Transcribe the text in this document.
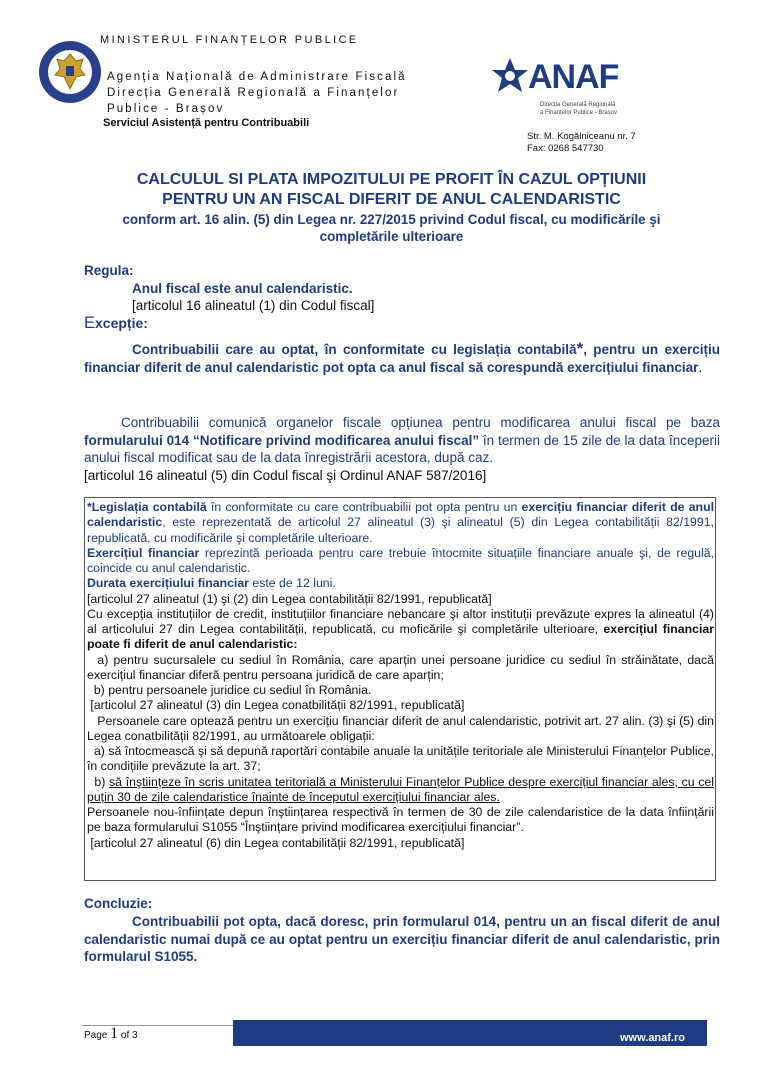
MINISTERUL FINANȚELOR PUBLICE
Agenția Națională de Administrare Fiscală
Direcția Generală Regională a Finanțelor
Publice - Brașov
Serviciul Asistență pentru Contribuabili
ANAF
Direcția Generală Regională
a Finanțelor Publice - Brașov
Str. M. Kogălniceanu nr. 7
Fax: 0268 547730
CALCULUL SI PLATA IMPOZITULUI PE PROFIT ÎN CAZUL OPȚIUNII
PENTRU UN AN FISCAL DIFERIT DE ANUL CALENDARISTIC
conform art. 16 alin. (5) din Legea nr. 227/2015 privind Codul fiscal, cu modificările şi completările ulterioare
Regula:
Anul fiscal este anul calendaristic.
[articolul 16 alineatul (1) din Codul fiscal]
Excepție:
Contribuabilii care au optat, în conformitate cu legislația contabilă*, pentru un exercițiu financiar diferit de anul calendaristic pot opta ca anul fiscal să corespundă exercițiului financiar.
Contribuabilii comunică organelor fiscale opțiunea pentru modificarea anului fiscal pe baza formularului 014 “Notificare privind modificarea anului fiscal” în termen de 15 zile de la data începerii anului fiscal modificat sau de la data înregistrării acestora, după caz.
[articolul 16 alineatul (5) din Codul fiscal şi Ordinul ANAF 587/2016]

*Legislația contabilă în conformitate cu care contribuabilii pot opta pentru un exercițiu financiar diferit de anul calendaristic, este reprezentată de articolul 27 alineatul (3) şi alineatul (5) din Legea contabilității 82/1991, republicată, cu modificările şi completările ulterioare.

Exercițiul financiar reprezintă perioada pentru care trebuie întocmite situațiile financiare anuale şi, de regulă, coincide cu anul calendaristic.

Durata exercițiului financiar este de 12 luni.

[articolul 27 alineatul (1) şi (2) din Legea contabilității 82/1991, republicată]

Cu excepția instituțiilor de credit, instituțiilor financiare nebancare şi altor instituții prevăzute expres la alineatul (4) al articolului 27 din Legea contabilității, republicată, cu moficările şi completările ulterioare, exercițiul financiar poate fi diferit de anul calendaristic:

a) pentru sucursalele cu sediul în România, care aparțin unei persoane juridice cu sediul în străinătate, dacă exercițiul financiar diferă pentru persoana juridică de care aparțin;

b) pentru persoanele juridice cu sediul în România.

[articolul 27 alineatul (3) din Legea conatbilității 82/1991, republicată]

Persoanele care optează pentru un exercițiu financiar diferit de anul calendaristic, potrivit art. 27 alin. (3) şi (5) din Legea conatbilității 82/1991, au următoarele obligații:

a) să întocmească şi să depună raportări contabile anuale la unitățile teritoriale ale Ministerului Finanțelor Publice, în condițiile prevăzute la art. 37;

b) să înştiințeze în scris unitatea teritorială a Ministerului Finanțelor Publice despre exercițiul financiar ales, cu cel puțin 30 de zile calendaristice înainte de începutul exercițiului financiar ales.

Persoanele nou-înființate depun înştiințarea respectivă în termen de 30 de zile calendaristice de la data înființării pe baza formularului S1055 “Înştiințare privind modificarea exercițiului financiar”.

[articolul 27 alineatul (6) din Legea contabilității 82/1991, republicată]

Concluzie:
Contribuabilii pot opta, dacă doresc, prin formularul 014, pentru un an fiscal diferit de anul calendaristic numai după ce au optat pentru un exercițiu financiar diferit de anul calendaristic, prin formularul S1055.
Page 1 of 3	www.anaf.ro
